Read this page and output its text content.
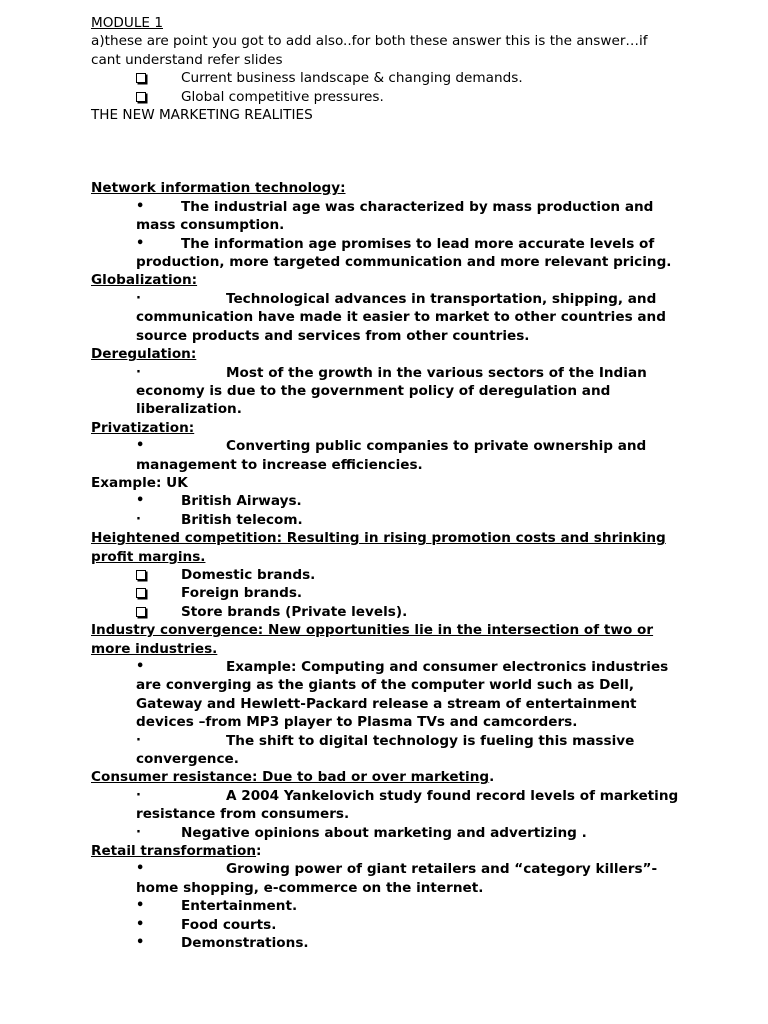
MODULE 1
a)these are point you got to add also..for both these answer this is the answer…if
cant understand refer slides
Current business landscape & changing demands.
Global competitive pressures.
THE NEW MARKETING REALITIES
Network information technology:
•	The industrial age was characterized by mass production and mass consumption.
•	The information age promises to lead more accurate levels of production, more targeted communication and more relevant pricing.
Globalization:
·	Technological advances in transportation, shipping, and communication have made it easier to market to other countries and source products and services from other countries.
Deregulation:
·	Most of the growth in the various sectors of the Indian economy is due to the government policy of deregulation and liberalization.
Privatization:
•	Converting public companies to private ownership and management to increase efficiencies.
Example: UK
•	British Airways.
·	British telecom.
Heightened competition: Resulting in rising promotion costs and shrinking profit margins.
Domestic brands.
Foreign brands.
Store brands (Private levels).
Industry convergence: New opportunities lie in the intersection of two or more industries.
•	Example: Computing and consumer electronics industries are converging as the giants of the computer world such as Dell, Gateway and Hewlett-Packard release a stream of entertainment devices –from MP3 player to Plasma TVs and camcorders.
·	The shift to digital technology is fueling this massive convergence.
Consumer resistance: Due to bad or over marketing.
·	A 2004 Yankelovich study found record levels of marketing resistance from consumers.
·	Negative opinions about marketing and advertizing .
Retail transformation:
•	Growing power of giant retailers and “category killers”-home shopping, e-commerce on the internet.
•	Entertainment.
•	Food courts.
•	Demonstrations.
